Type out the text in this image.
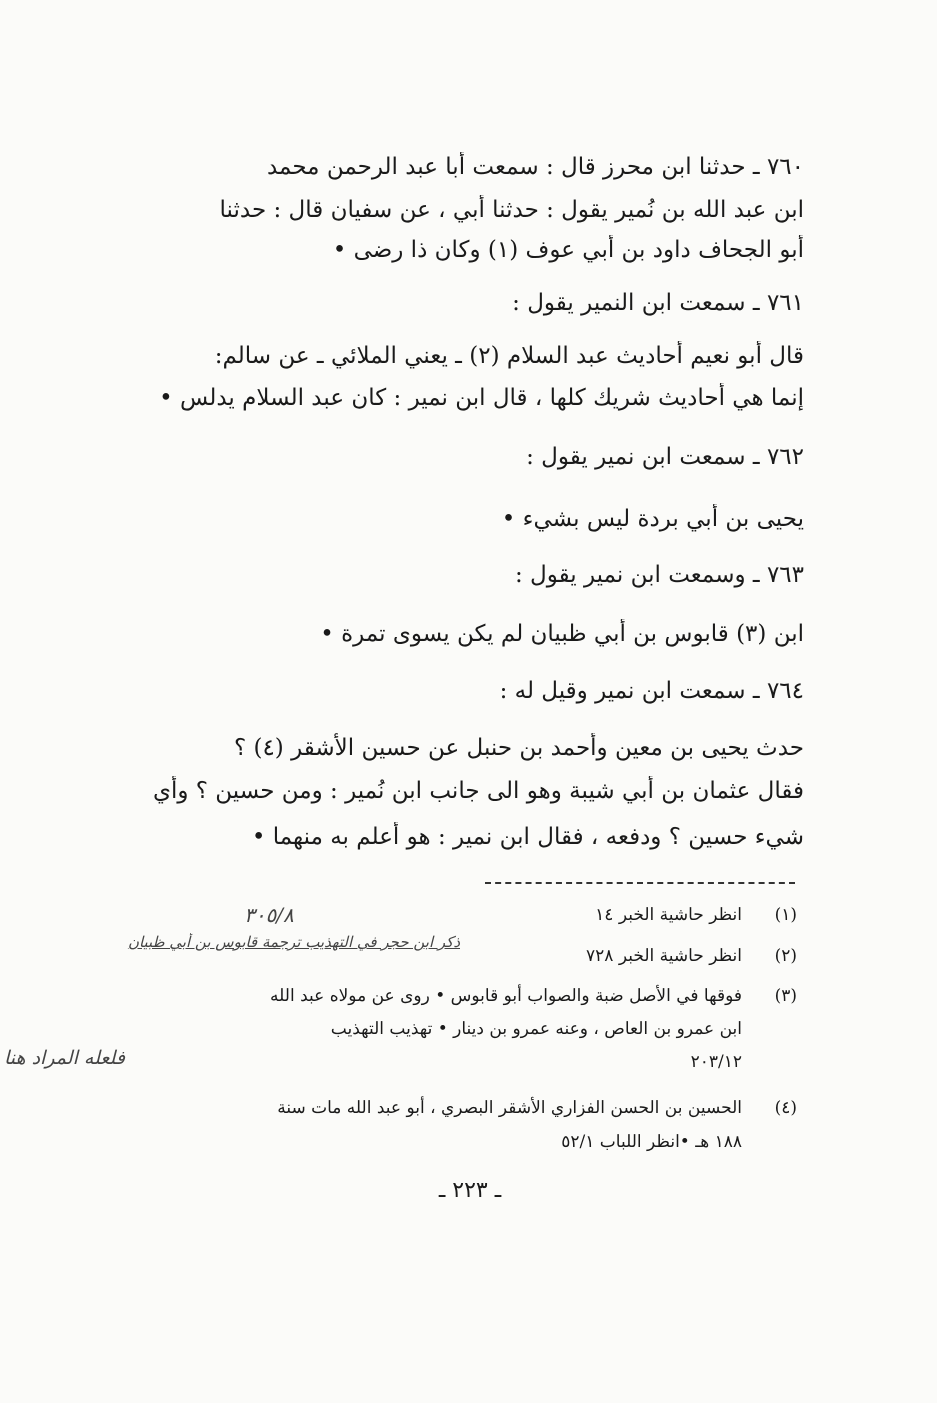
٧٦٠ ـ حدثنا ابن محرز قال : سمعت أبا عبد الرحمن محمد
ابن عبد الله بن نُمير يقول : حدثنا أبي ، عن سفيان قال : حدثنا
أبو الجحاف داود بن أبي عوف (١) وكان ذا رضى •
٧٦١ ـ سمعت ابن النمير يقول :
قال أبو نعيم أحاديث عبد السلام (٢) ـ يعني الملائي ـ عن سالم:
إنما هي أحاديث شريك كلها ، قال ابن نمير : كان عبد السلام يدلس •
٧٦٢ ـ سمعت ابن نمير يقول :
يحيى بن أبي بردة ليس بشيء •
٧٦٣ ـ وسمعت ابن نمير يقول :
ابن (٣) قابوس بن أبي ظبيان لم يكن يسوى تمرة •
٧٦٤ ـ سمعت ابن نمير وقيل له :
حدث يحيى بن معين وأحمد بن حنبل عن حسين الأشقر (٤) ؟
فقال عثمان بن أبي شيبة وهو الى جانب ابن نُمير : ومن حسين ؟ وأي
شيء حسين ؟ ودفعه ، فقال ابن نمير : هو أعلم به منهما •
٣٠٥/٨
ذكر ابن حجر في التهذيب ترجمة قابوس بن أبي ظبيان
فلعله المراد هنا
(١)
انظر حاشية الخبر ١٤
(٢)
انظر حاشية الخبر ٧٢٨
(٣)
فوقها في الأصل ضبة والصواب أبو قابوس • روى عن مولاه عبد الله
ابن عمرو بن العاص ، وعنه عمرو بن دينار • تهذيب التهذيب
٢٠٣/١٢
(٤)
الحسين بن الحسن الفزاري الأشقر البصري ، أبو عبد الله مات سنة
١٨٨ هـ •انظر اللباب ٥٢/١
ـ ٢٢٣ ـ
